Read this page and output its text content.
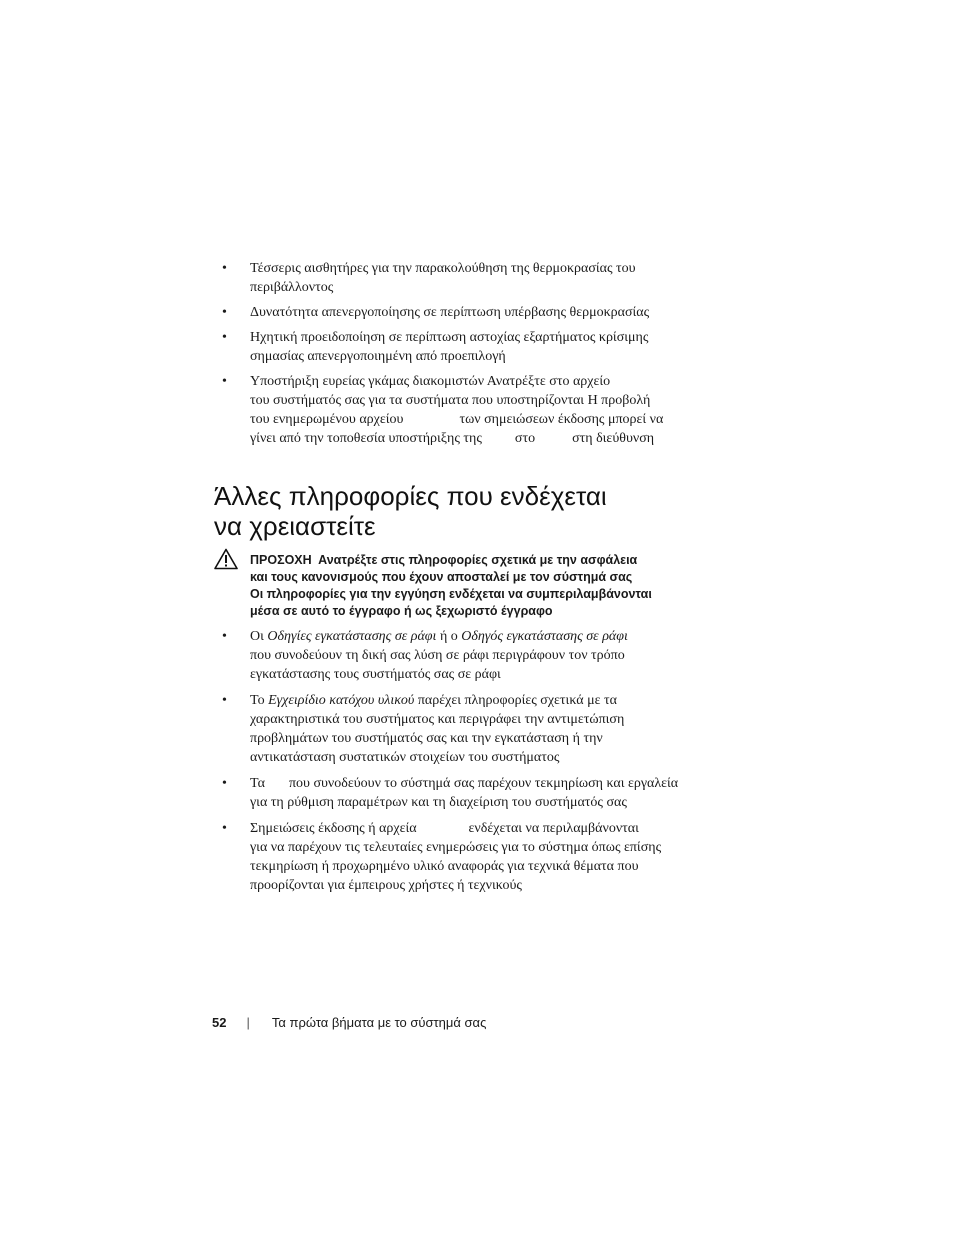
• Τέσσερις αισθητήρες για την παρακολούθηση της θερμοκρασίας του
περιβάλλοντος
• Δυνατότητα απενεργοποίησης σε περίπτωση υπέρβασης θερμοκρασίας
• Ηχητική προειδοποίηση σε περίπτωση αστοχίας εξαρτήματος κρίσιμης
σημασίας απενεργοποιημένη από προεπιλογή
• Υποστήριξη ευρείας γκάμας διακομιστών Ανατρέξτε στο αρχείο
του συστήματός σας για τα συστήματα που υποστηρίζονται Η προβολή
του ενημερωμένου αρχείου	των σημειώσεων έκδοσης μπορεί να
γίνει από την τοποθεσία υποστήριξης της στο	στη διεύθυνση
Άλλες πληροφορίες που ενδέχεται
να χρειαστείτε
ΠΡΟΣΟΧΗ Ανατρέξτε στις πληροφορίες σχετικά με την ασφάλεια
και τους κανονισμούς που έχουν αποσταλεί με τον σύστημά σας
Οι πληροφορίες για την εγγύηση ενδέχεται να συμπεριλαμβάνονται
μέσα σε αυτό το έγγραφο ή ως ξεχωριστό έγγραφο
• Οι Οδηγίες εγκατάστασης σε ράφι ή ο Οδηγός εγκατάστασης σε ράφι
που συνοδεύουν τη δική σας λύση σε ράφι περιγράφουν τον τρόπο
εγκατάστασης τους συστήματός σας σε ράφι
• Το Εγχειρίδιο κατόχου υλικού παρέχει πληροφορίες σχετικά με τα
χαρακτηριστικά του συστήματος και περιγράφει την αντιμετώπιση
προβλημάτων του συστήματός σας και την εγκατάσταση ή την
αντικατάσταση συστατικών στοιχείων του συστήματος
• Τα που συνοδεύουν το σύστημά σας παρέχουν τεκμηρίωση και εργαλεία
για τη ρύθμιση παραμέτρων και τη διαχείριση του συστήματός σας
• Σημειώσεις έκδοσης ή αρχεία	ενδέχεται να περιλαμβάνονται
για να παρέχουν τις τελευταίες ενημερώσεις για το σύστημα όπως επίσης
τεκμηρίωση ή προχωρημένο υλικό αναφοράς για τεχνικά θέματα που
προορίζονται για έμπειρους χρήστες ή τεχνικούς
52 | Τα πρώτα βήματα με το σύστημά σας
